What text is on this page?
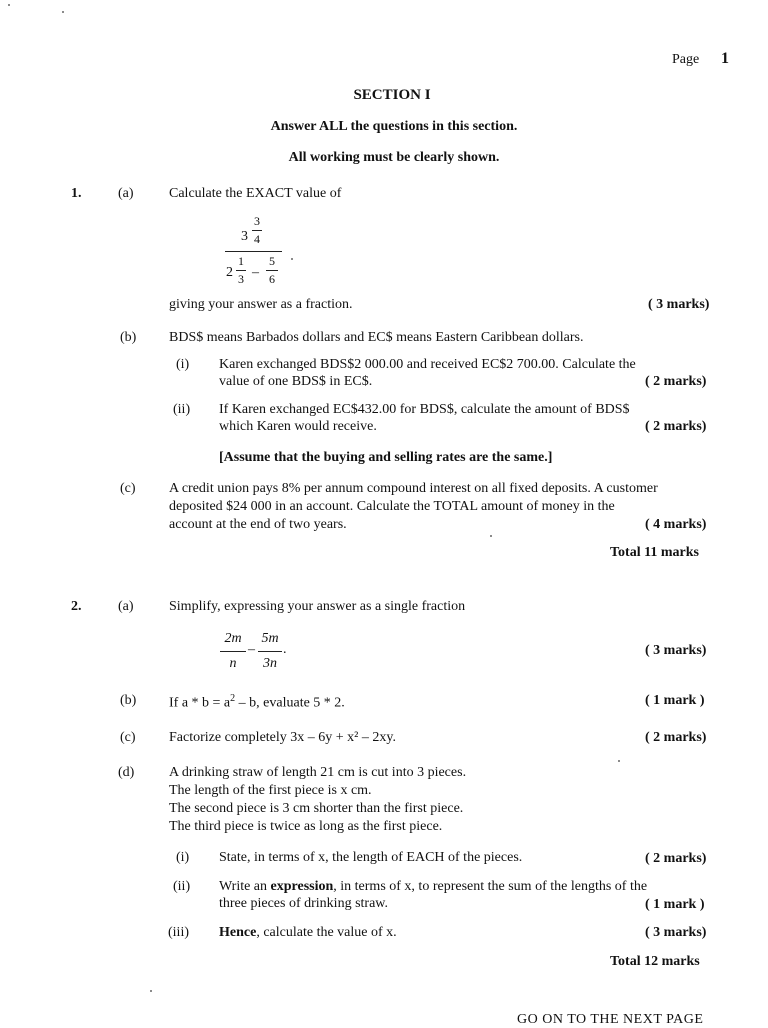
Page 1
SECTION I
Answer ALL the questions in this section.
All working must be clearly shown.
1.	(a)	Calculate the EXACT value of
3
3
4
2
1
3 –
5
6
giving your answer as a fraction.	( 3 marks)
(b) BDS$ means Barbados dollars and EC$ means Eastern Caribbean dollars.
(i) Karen exchanged BDS$2 000.00 and received EC$2 700.00. Calculate the
value of one BDS$ in EC$.	( 2 marks)
(ii) If Karen exchanged EC$432.00 for BDS$, calculate the amount of BDS$
which Karen would receive.	( 2 marks)
[Assume that the buying and selling rates are the same.]
(c) A credit union pays 8% per annum compound interest on all fixed deposits. A customer
deposited $24 000 in an account. Calculate the TOTAL amount of money in the
account at the end of two years.	( 4 marks)
Total 11 marks
2.	(a)	Simplify, expressing your answer as a single fraction
2m
n
–
5m
3n
.	( 3 marks)
(b) If $a * b = a^2 - b$, evaluate 5 * 2.	( 1 mark )
(c) Factorize completely 3x – 6y + x² – 2xy.	( 2 marks)
(d) A drinking straw of length 21 cm is cut into 3 pieces.
The length of the first piece is x cm.
The second piece is 3 cm shorter than the first piece.
The third piece is twice as long as the first piece.
(i) State, in terms of x, the length of EACH of the pieces.	( 2 marks)
(ii) Write an expression, in terms of x, to represent the sum of the lengths of the
three pieces of drinking straw.	( 1 mark )
(iii) Hence, calculate the value of x.	( 3 marks)
Total 12 marks
GO ON TO THE NEXT PAGE
